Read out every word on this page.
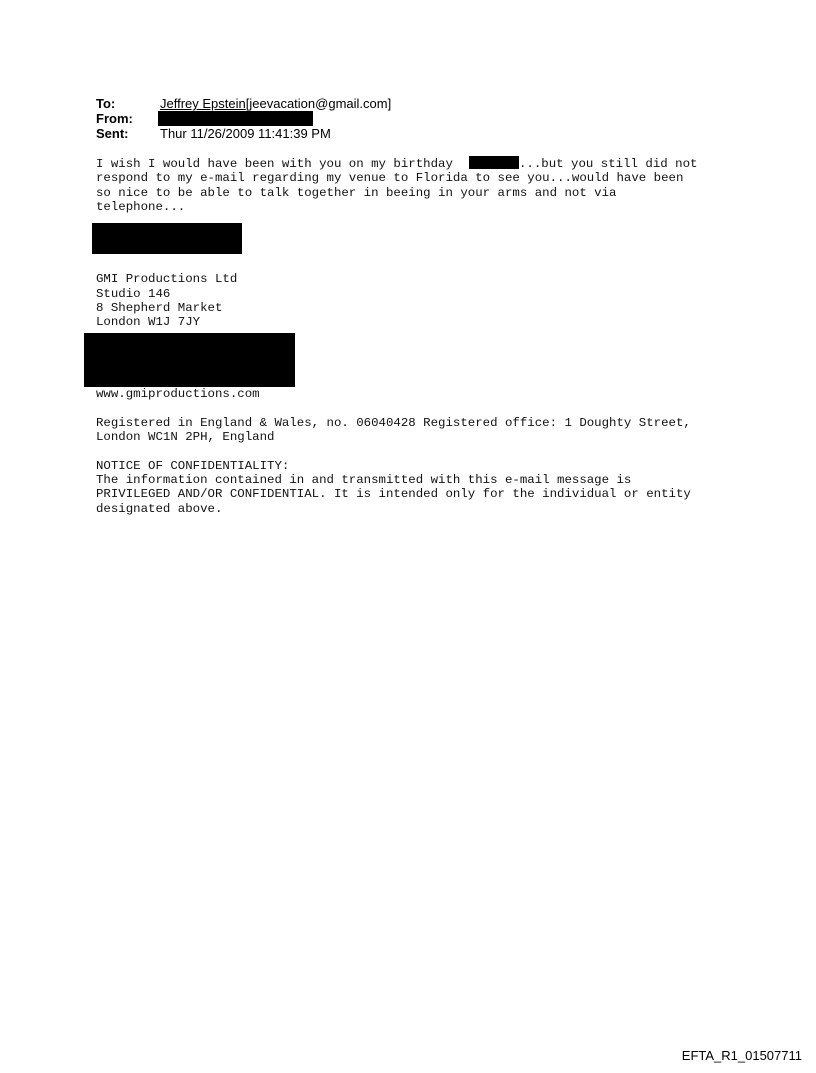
To:	Jeffrey Epstein[jeevacation@gmail.com]
From:
Sent: Thur 11/26/2009 11:41:39 PM
I wish I would have been with you on my birthday	...but you still did not
respond to my e-mail regarding my venue to Florida to see you...would have been
so nice to be able to talk together in beeing in your arms and not via
telephone...
GMI Productions Ltd
Studio 146
8 Shepherd Market
London W1J 7JY
www.gmiproductions.com
Registered in England & Wales, no. 06040428 Registered office: 1 Doughty Street,
London WC1N 2PH, England
NOTICE OF CONFIDENTIALITY:
The information contained in and transmitted with this e-mail message is
PRIVILEGED AND/OR CONFIDENTIAL. It is intended only for the individual or entity
designated above.
EFTA_R1_01507711
